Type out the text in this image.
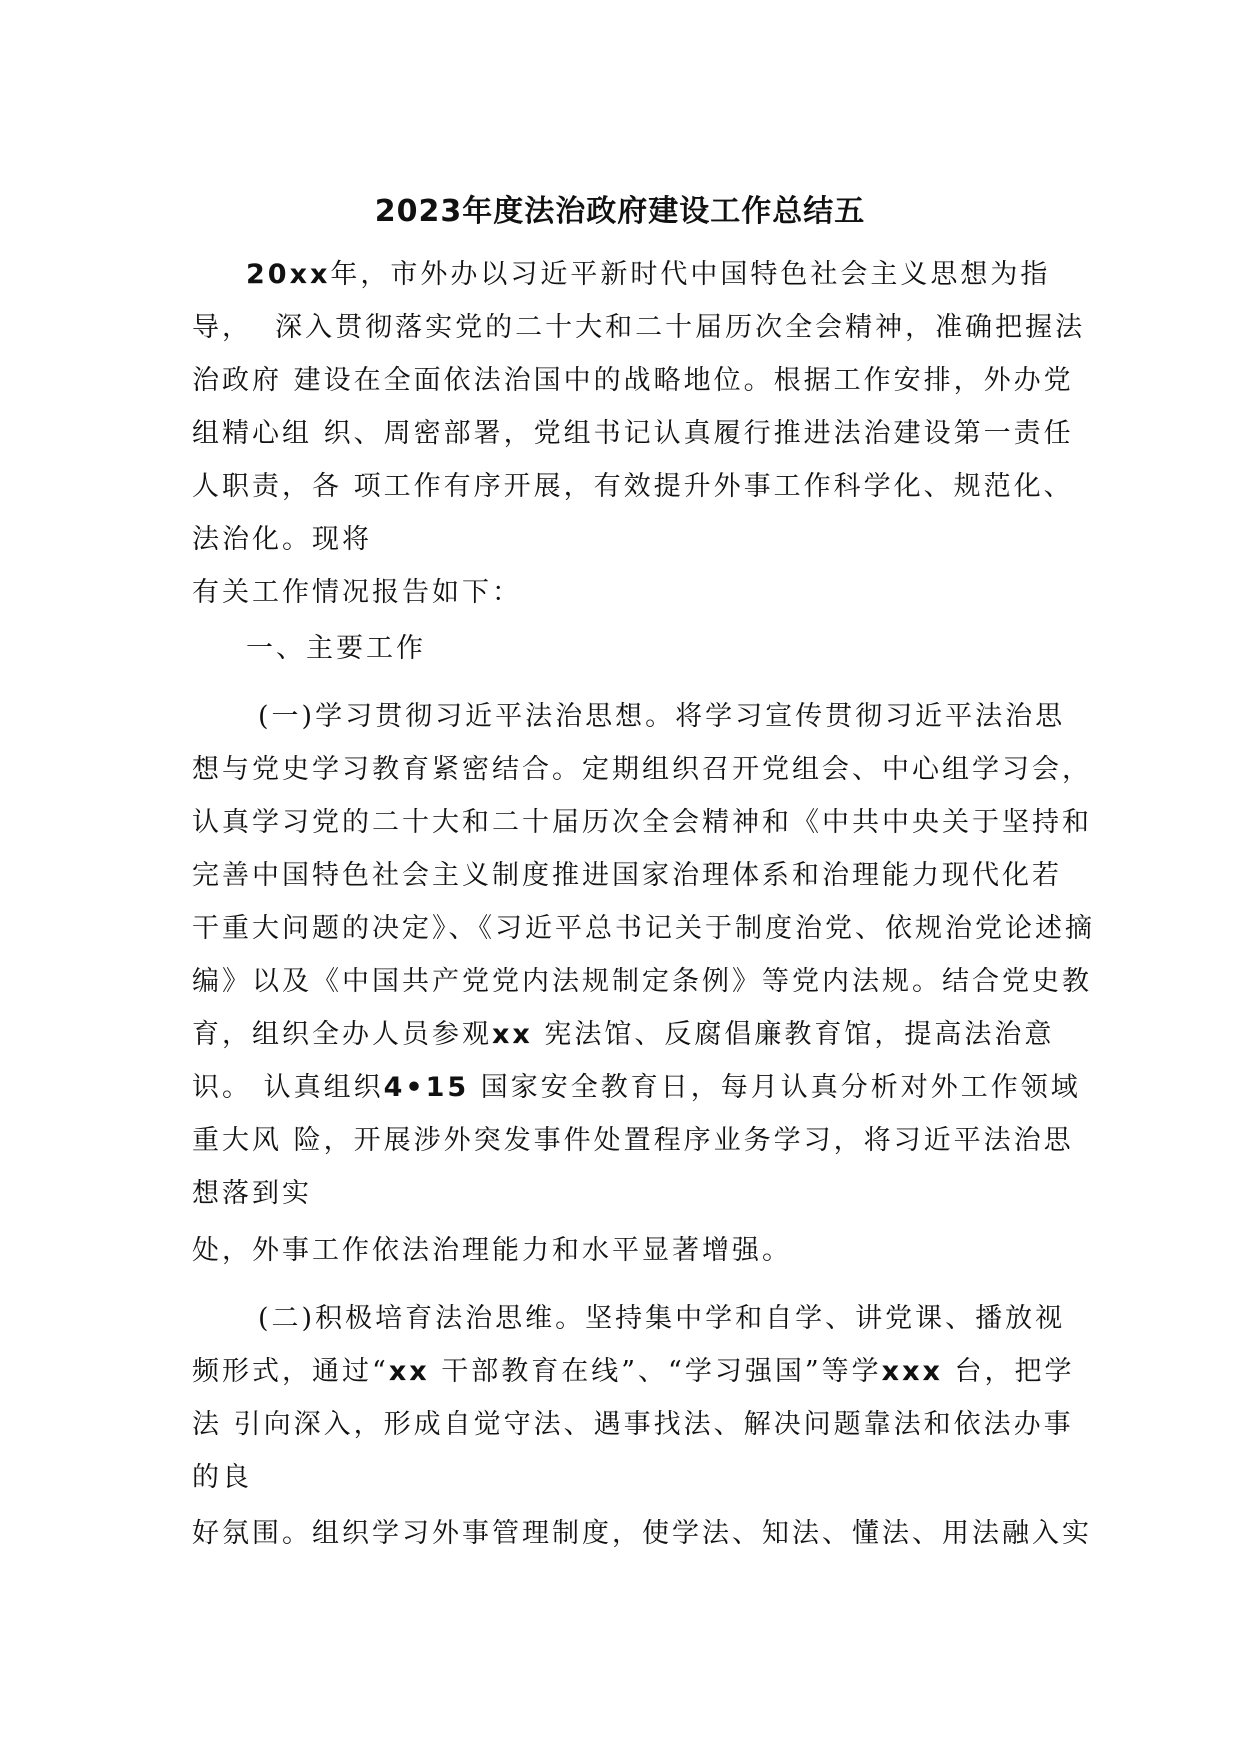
2023年度法治政府建设工作总结五
20xx年，市外办以习近平新时代中国特色社会主义思想为指
导，  深入贯彻落实党的二十大和二十届历次全会精神，准确把握法
治政府 建设在全面依法治国中的战略地位。根据工作安排，外办党
组精心组 织、周密部署，党组书记认真履行推进法治建设第一责任
人职责，各 项工作有序开展，有效提升外事工作科学化、规范化、
法治化。现将
有关工作情况报告如下：
一、主要工作
(一)学习贯彻习近平法治思想。将学习宣传贯彻习近平法治思
想与党史学习教育紧密结合。定期组织召开党组会、中心组学习会，
认真学习党的二十大和二十届历次全会精神和《中共中央关于坚持和
完善中国特色社会主义制度推进国家治理体系和治理能力现代化若
干重大问题的决定》、《习近平总书记关于制度治党、依规治党论述摘
编》以及《中国共产党党内法规制定条例》等党内法规。结合党史教
育，组织全办人员参观xx 宪法馆、反腐倡廉教育馆，提高法治意
识。 认真组织4•15 国家安全教育日，每月认真分析对外工作领域
重大风 险，开展涉外突发事件处置程序业务学习，将习近平法治思
想落到实
处，外事工作依法治理能力和水平显著增强。
(二)积极培育法治思维。坚持集中学和自学、讲党课、播放视
频形式，通过“xx 干部教育在线”、“学习强国”等学xxx 台，把学
法 引向深入，形成自觉守法、遇事找法、解决问题靠法和依法办事
的良
好氛围。组织学习外事管理制度，使学法、知法、懂法、用法融入实
